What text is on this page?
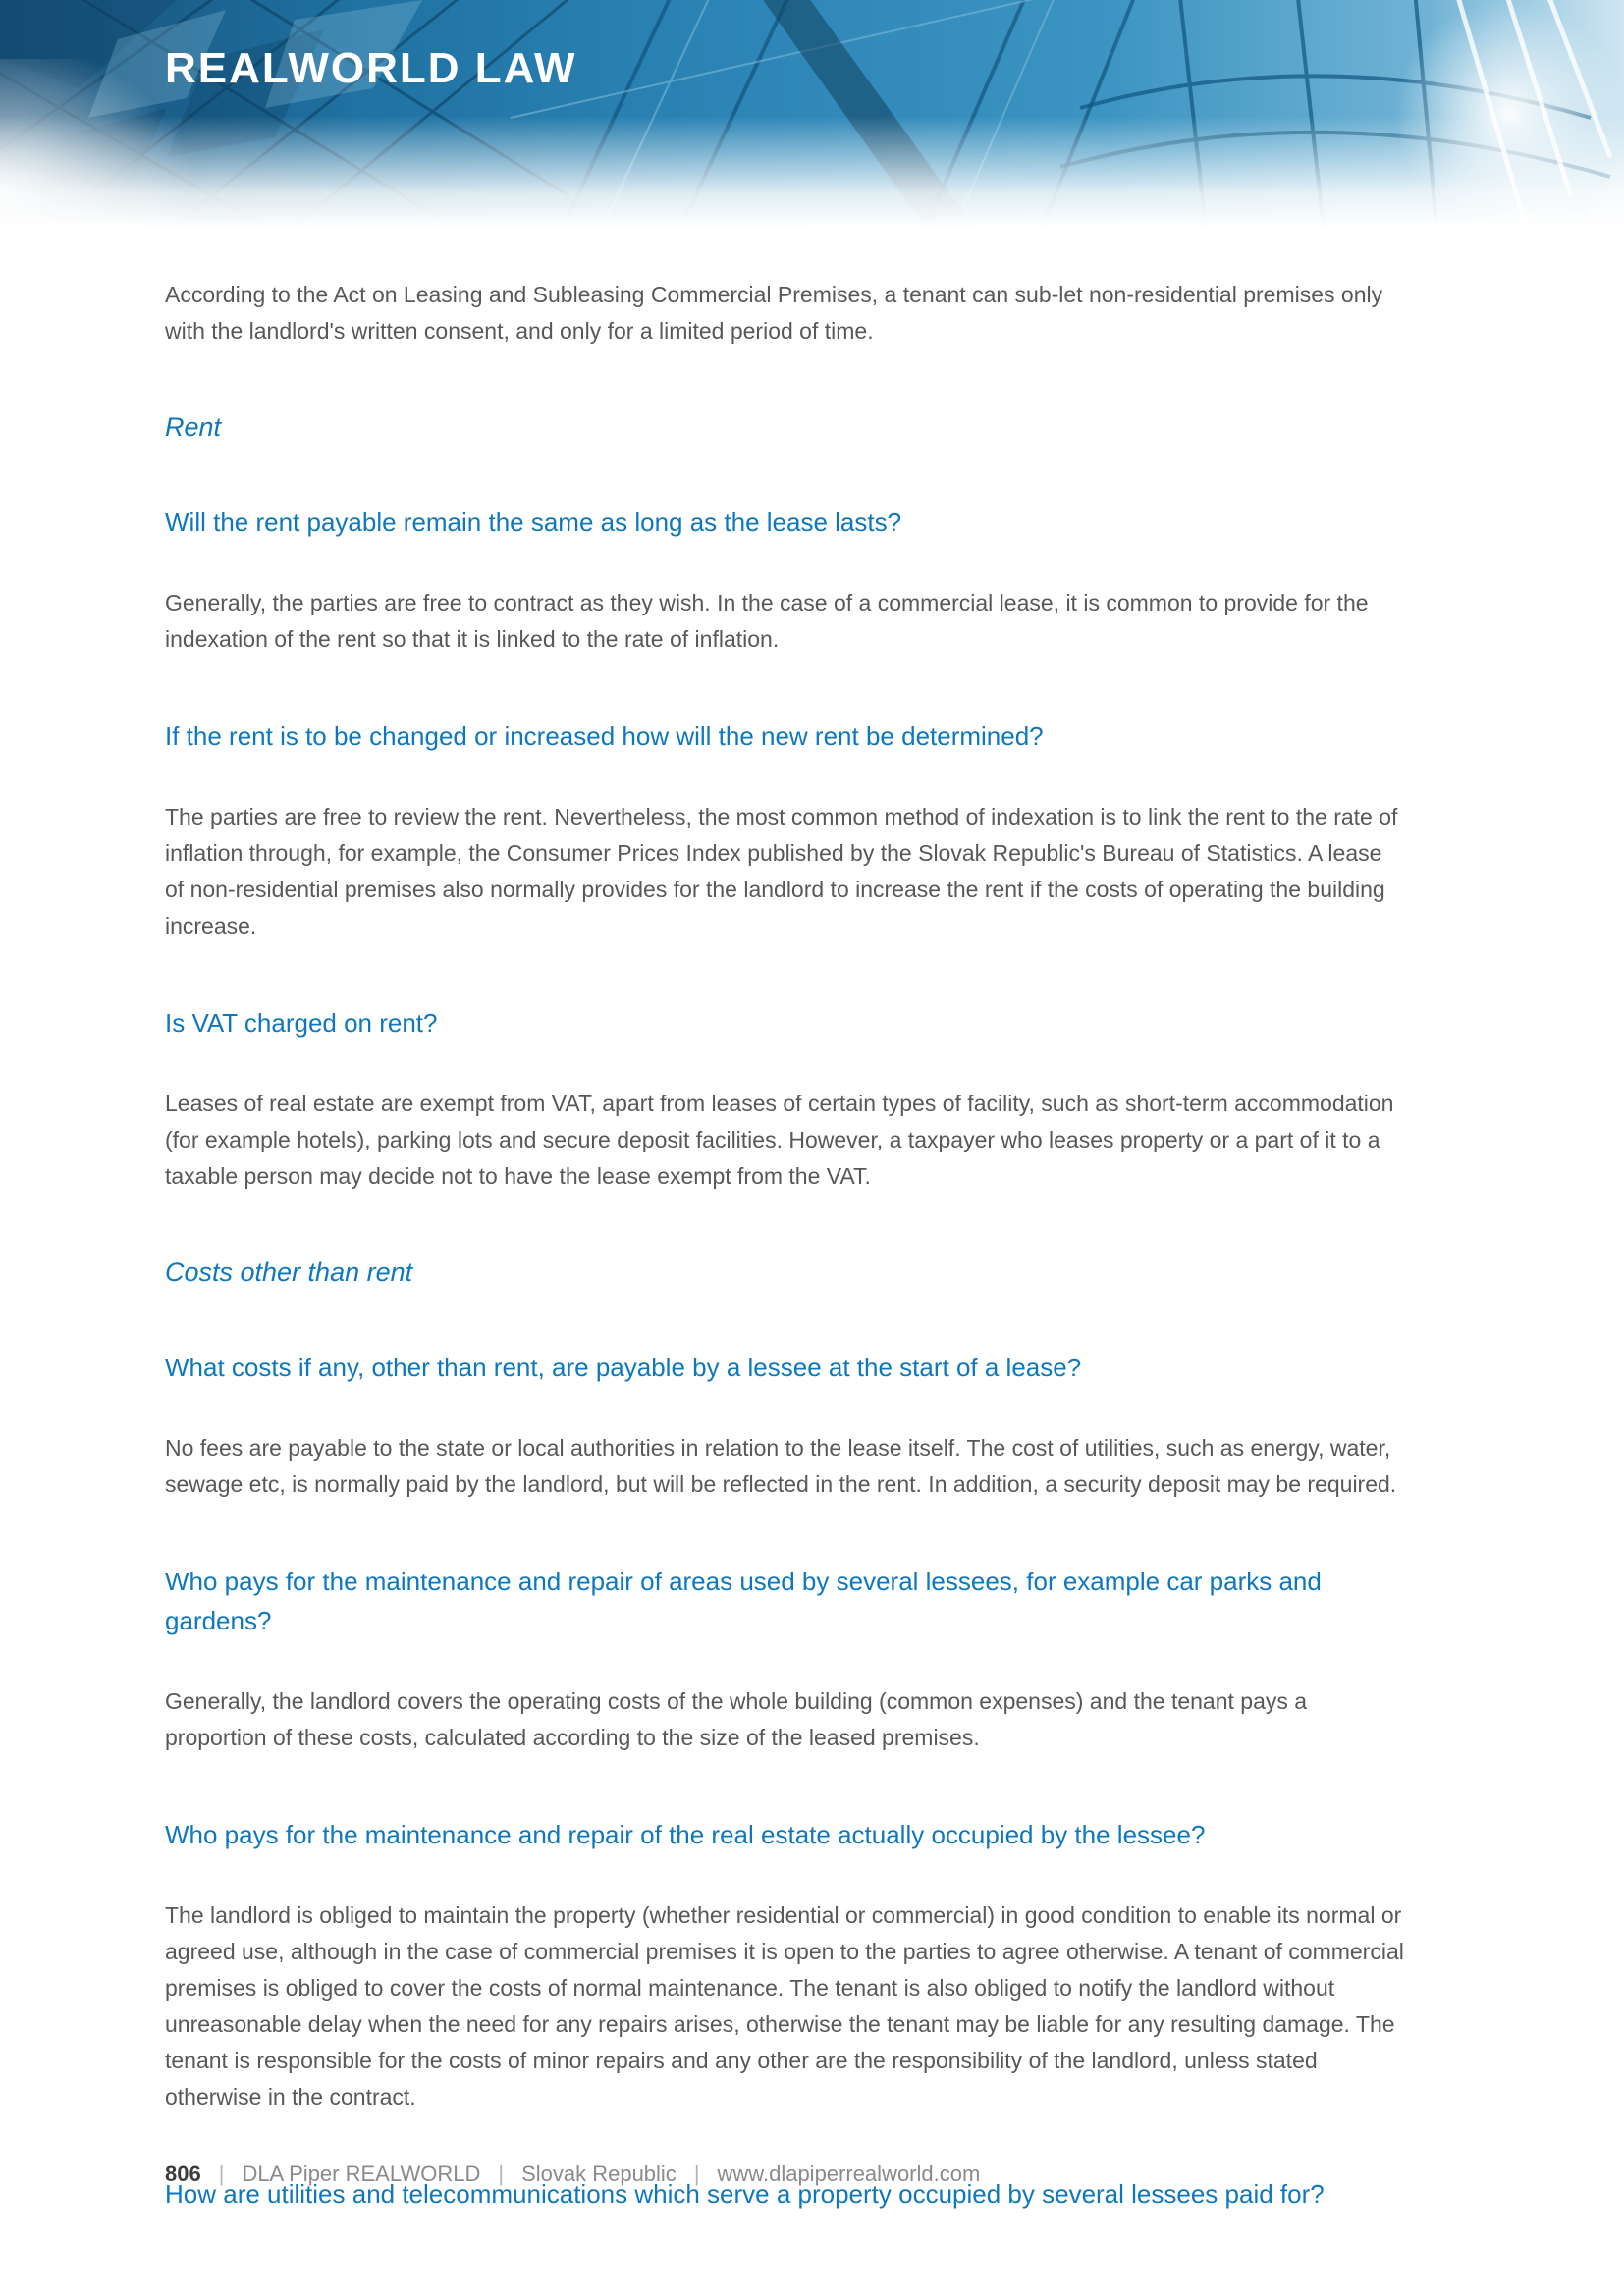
REALWORLD LAW

According to the Act on Leasing and Subleasing Commercial Premises, a tenant can sub-let non-residential premises only with the landlord's written consent, and only for a limited period of time.

Rent
Will the rent payable remain the same as long as the lease lasts?

Generally, the parties are free to contract as they wish. In the case of a commercial lease, it is common to provide for the indexation of the rent so that it is linked to the rate of inflation.

If the rent is to be changed or increased how will the new rent be determined?

The parties are free to review the rent. Nevertheless, the most common method of indexation is to link the rent to the rate of inflation through, for example, the Consumer Prices Index published by the Slovak Republic's Bureau of Statistics. A lease of non-residential premises also normally provides for the landlord to increase the rent if the costs of operating the building increase.

Is VAT charged on rent?

Leases of real estate are exempt from VAT, apart from leases of certain types of facility, such as short-term accommodation (for example hotels), parking lots and secure deposit facilities. However, a taxpayer who leases property or a part of it to a taxable person may decide not to have the lease exempt from the VAT.

Costs other than rent
What costs if any, other than rent, are payable by a lessee at the start of a lease?

No fees are payable to the state or local authorities in relation to the lease itself. The cost of utilities, such as energy, water, sewage etc, is normally paid by the landlord, but will be reflected in the rent. In addition, a security deposit may be required.

Who pays for the maintenance and repair of areas used by several lessees, for example car parks and gardens?

Generally, the landlord covers the operating costs of the whole building (common expenses) and the tenant pays a proportion of these costs, calculated according to the size of the leased premises.

Who pays for the maintenance and repair of the real estate actually occupied by the lessee?

The landlord is obliged to maintain the property (whether residential or commercial) in good condition to enable its normal or agreed use, although in the case of commercial premises it is open to the parties to agree otherwise. A tenant of commercial premises is obliged to cover the costs of normal maintenance. The tenant is also obliged to notify the landlord without unreasonable delay when the need for any repairs arises, otherwise the tenant may be liable for any resulting damage. The tenant is responsible for the costs of minor repairs and any other are the responsibility of the landlord, unless stated otherwise in the contract.

How are utilities and telecommunications which serve a property occupied by several lessees paid for?
806 | DLA Piper REALWORLD | Slovak Republic | www.dlapiperrealworld.com
